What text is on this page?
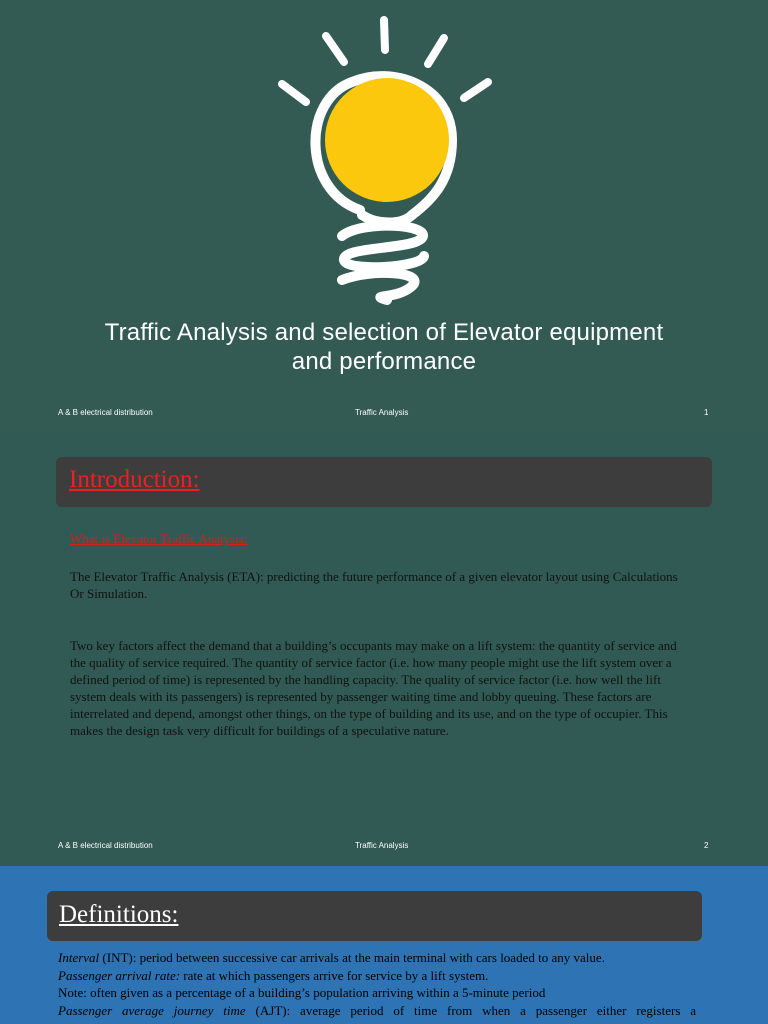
Traffic Analysis and selection of Elevator equipment and performance
A & B electrical distribution	Traffic Analysis	1
Introduction:
What is Elevator Traffic Analysis:
The Elevator Traffic Analysis (ETA): predicting the future performance of a given elevator layout using Calculations Or Simulation.
Two key factors affect the demand that a building’s occupants may make on a lift system: the quantity of service and the quality of service required. The quantity of service factor (i.e. how many people might use the lift system over a defined period of time) is represented by the handling capacity. The quality of service factor (i.e. how well the lift system deals with its passengers) is represented by passenger waiting time and lobby queuing. These factors are interrelated and depend, amongst other things, on the type of building and its use, and on the type of occupier. This makes the design task very difficult for buildings of a speculative nature.
A & B electrical distribution	Traffic Analysis	2
Definitions:
Interval (INT): period between successive car arrivals at the main terminal with cars loaded to any value.
Passenger arrival rate: rate at which passengers arrive for service by a lift system.
Note: often given as a percentage of a building’s population arriving within a 5-minute period
Passenger average journey time (AJT): average period of time from when a passenger either registers a
